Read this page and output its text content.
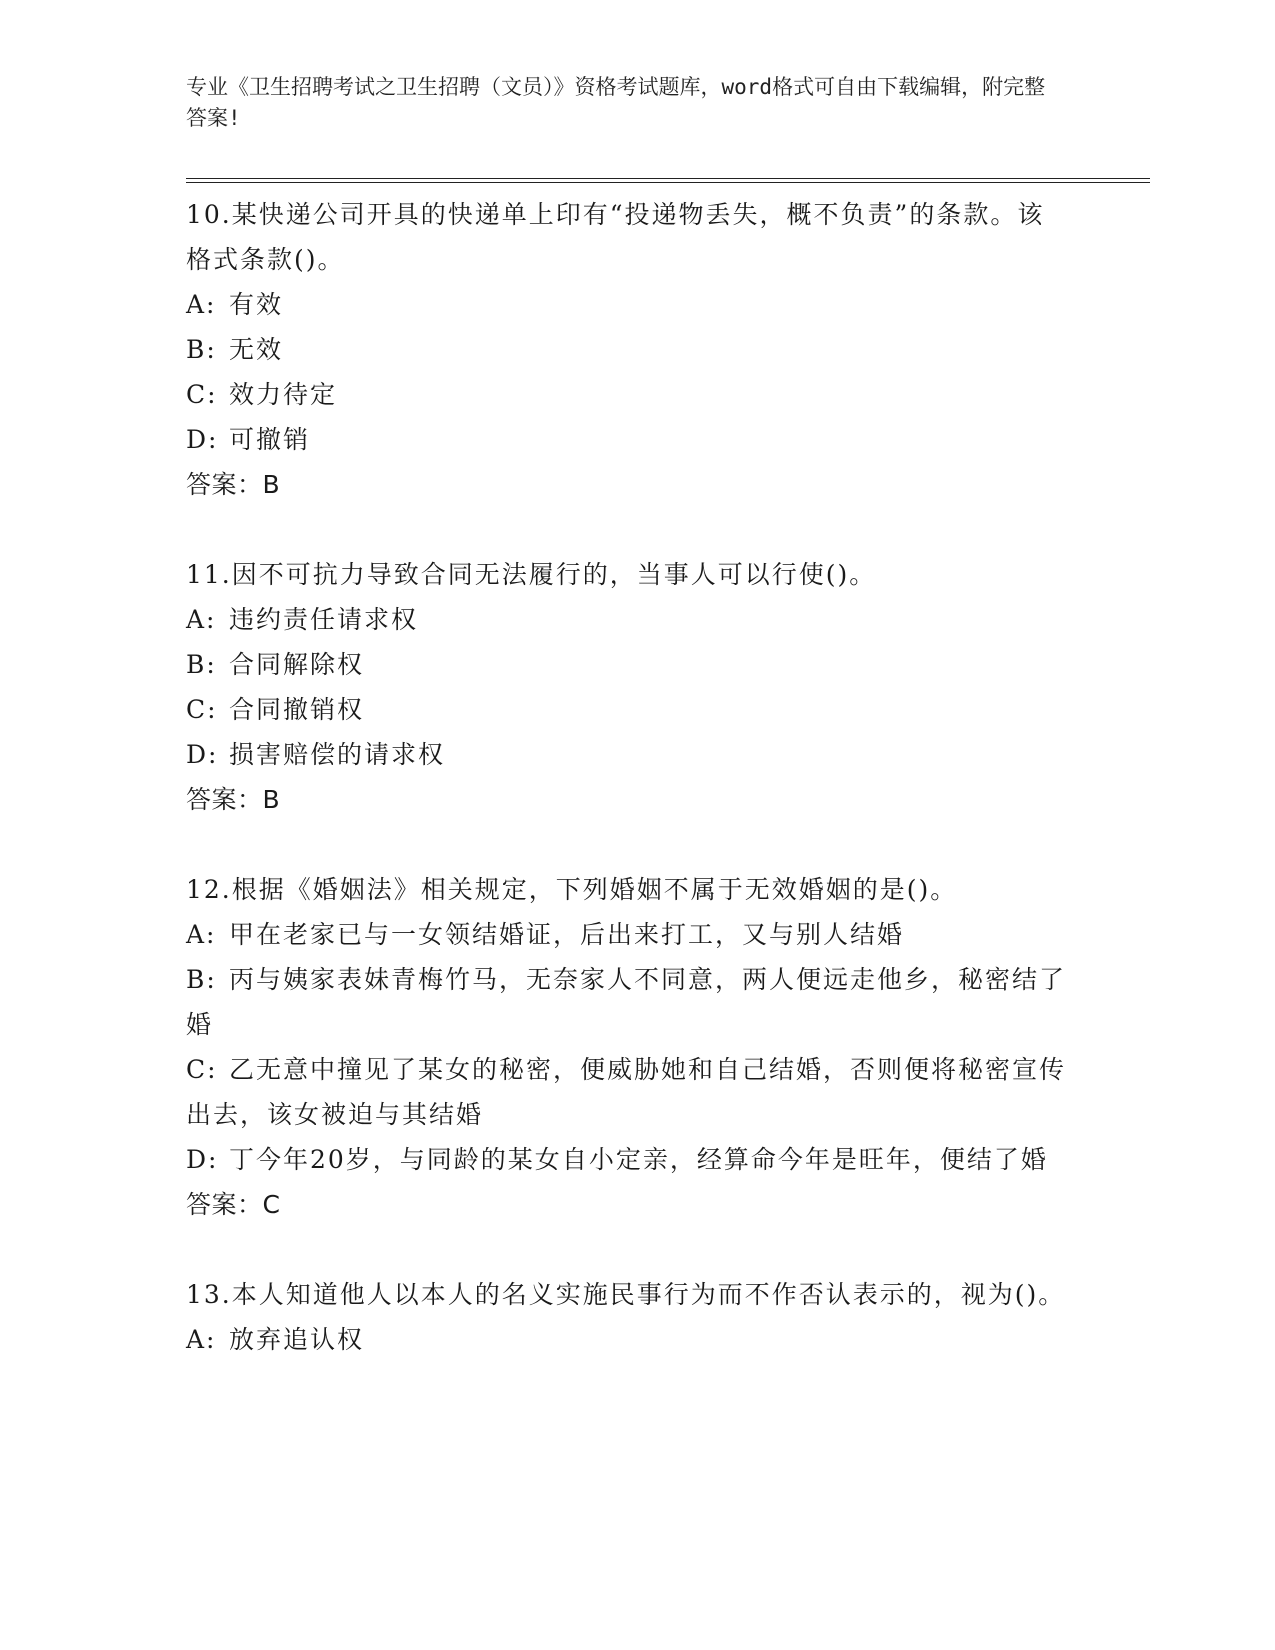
专业《卫生招聘考试之卫生招聘（文员）》资格考试题库，word格式可自由下载编辑，附完整答案!
10.某快递公司开具的快递单上印有“投递物丢失，概不负责”的条款。该格式条款()。
A: 有效
B: 无效
C: 效力待定
D: 可撤销
答案：B
11.因不可抗力导致合同无法履行的，当事人可以行使()。
A: 违约责任请求权
B: 合同解除权
C: 合同撤销权
D: 损害赔偿的请求权
答案：B
12.根据《婚姻法》相关规定，下列婚姻不属于无效婚姻的是()。
A: 甲在老家已与一女领结婚证，后出来打工，又与别人结婚
B: 丙与姨家表妹青梅竹马，无奈家人不同意，两人便远走他乡，秘密结了婚
C: 乙无意中撞见了某女的秘密，便威胁她和自己结婚，否则便将秘密宣传出去，该女被迫与其结婚
D: 丁今年20岁，与同龄的某女自小定亲，经算命今年是旺年，便结了婚
答案：C
13.本人知道他人以本人的名义实施民事行为而不作否认表示的，视为()。
A: 放弃追认权
